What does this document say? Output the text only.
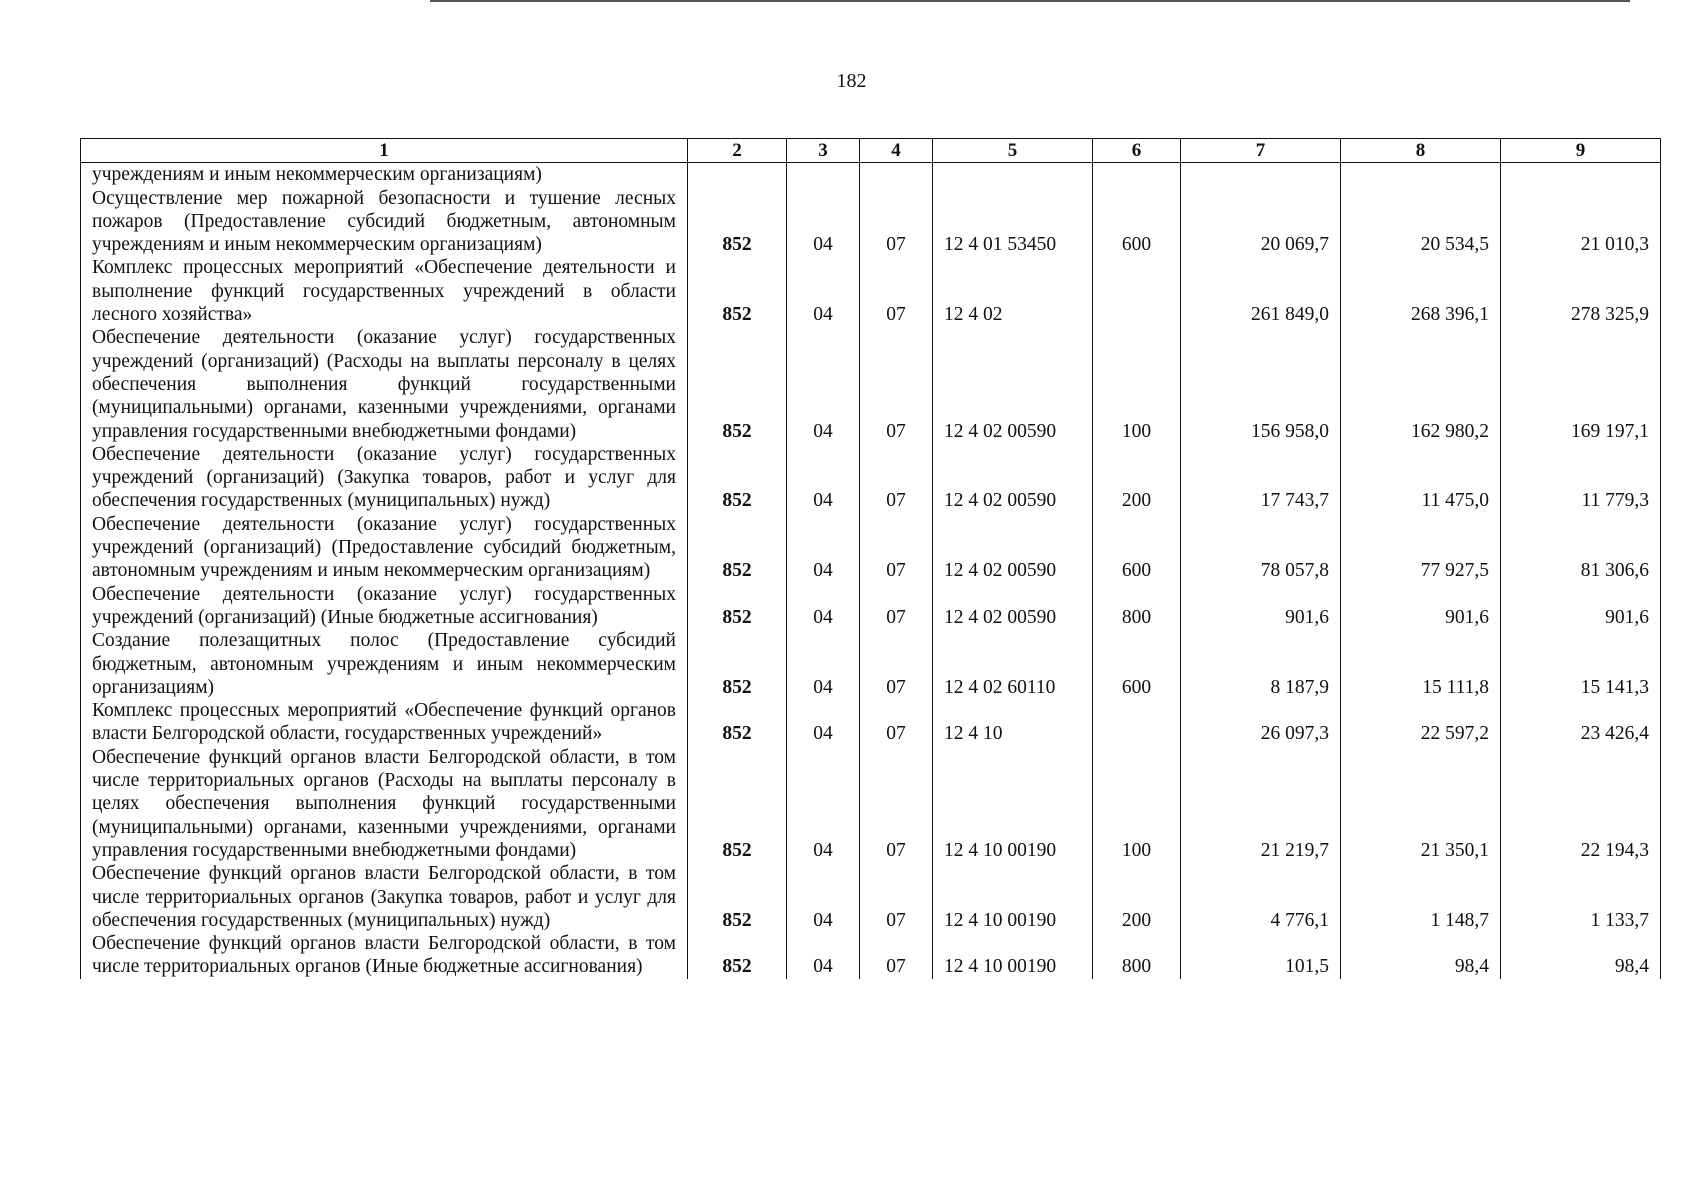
182
1	2	3	4	5	6	7	8	9
учреждениям и иным некоммерческим организациям)								
Осуществление мер пожарной безопасности и тушение лесных пожаров (Предоставление субсидий бюджетным, автономным учреждениям и иным некоммерческим организациям)	852	04	07	12 4 01 53450	600	20 069,7	20 534,5	21 010,3
Комплекс процессных мероприятий «Обеспечение деятельности и выполнение функций государственных учреждений в области лесного хозяйства»	852	04	07	12 4 02		261 849,0	268 396,1	278 325,9
Обеспечение деятельности (оказание услуг) государственных учреждений (организаций) (Расходы на выплаты персоналу в целях обеспечения выполнения функций государственными (муниципальными) органами, казенными учреждениями, органами управления государственными внебюджетными фондами)	852	04	07	12 4 02 00590	100	156 958,0	162 980,2	169 197,1
Обеспечение деятельности (оказание услуг) государственных учреждений (организаций) (Закупка товаров, работ и услуг для обеспечения государственных (муниципальных) нужд)	852	04	07	12 4 02 00590	200	17 743,7	11 475,0	11 779,3
Обеспечение деятельности (оказание услуг) государственных учреждений (организаций) (Предоставление субсидий бюджетным, автономным учреждениям и иным некоммерческим организациям)	852	04	07	12 4 02 00590	600	78 057,8	77 927,5	81 306,6
Обеспечение деятельности (оказание услуг) государственных учреждений (организаций) (Иные бюджетные ассигнования)	852	04	07	12 4 02 00590	800	901,6	901,6	901,6
Создание полезащитных полос (Предоставление субсидий бюджетным, автономным учреждениям и иным некоммерческим организациям)	852	04	07	12 4 02 60110	600	8 187,9	15 111,8	15 141,3
Комплекс процессных мероприятий «Обеспечение функций органов власти Белгородской области, государственных учреждений»	852	04	07	12 4 10		26 097,3	22 597,2	23 426,4
Обеспечение функций органов власти Белгородской области, в том числе территориальных органов (Расходы на выплаты персоналу в целях обеспечения выполнения функций государственными (муниципальными) органами, казенными учреждениями, органами управления государственными внебюджетными фондами)	852	04	07	12 4 10 00190	100	21 219,7	21 350,1	22 194,3
Обеспечение функций органов власти Белгородской области, в том числе территориальных органов (Закупка товаров, работ и услуг для обеспечения государственных (муниципальных) нужд)	852	04	07	12 4 10 00190	200	4 776,1	1 148,7	1 133,7
Обеспечение функций органов власти Белгородской области, в том числе территориальных органов (Иные бюджетные ассигнования)	852	04	07	12 4 10 00190	800	101,5	98,4	98,4
